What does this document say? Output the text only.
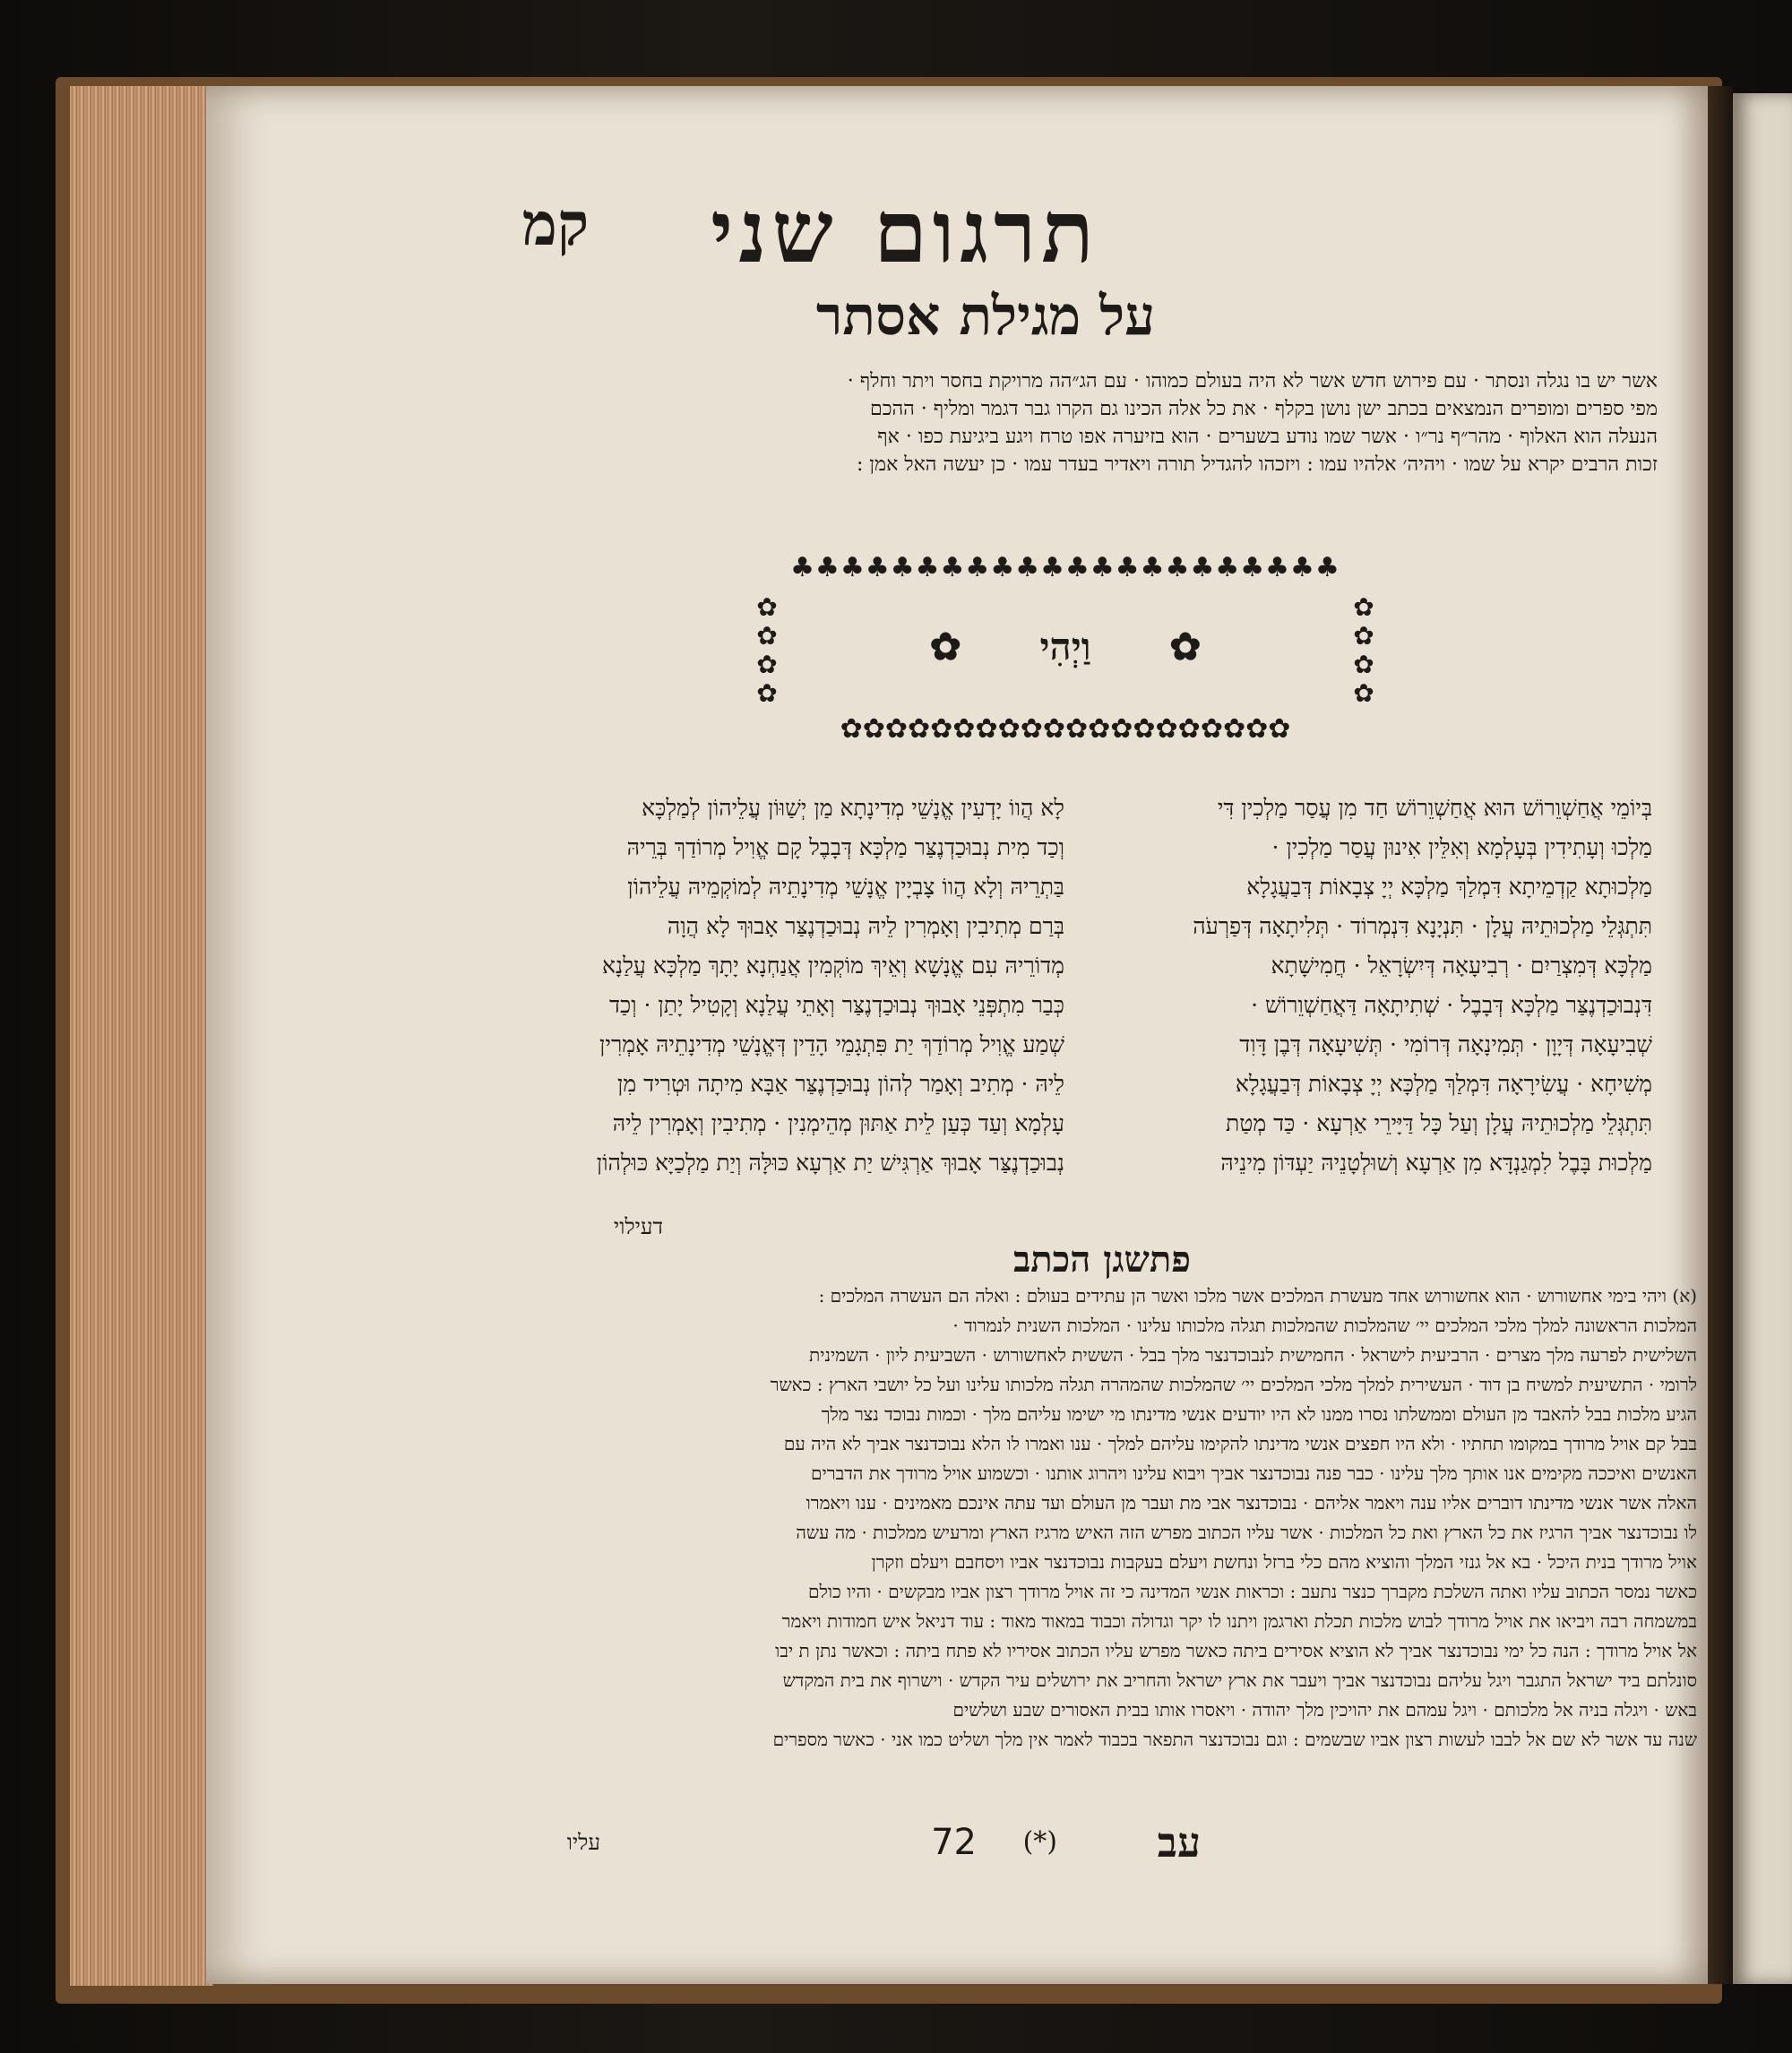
תרגום שני
קמ
על מגילת אסתר

אשר יש בו נגלה ונסתר · עם פירוש חדש אשר לא היה בעולם כמוהו · עם הג״הה מרויקת בחסר ויתר וחלף ·

מפי ספרים ומופרים הנמצאים בכתב ישן נושן בקלף · את כל אלה הכינו גם הקרו גבר דגמר ומליף · ההכם

הנעלה הוא האלוף · מהר״ף נר״ו · אשר שמו נודע בשערים · הוא בזיערה אפו טרח ויגע ביגיעת כפו · אף

זכות הרבים יקרא על שמו · ויהיה׳ אלהיו עמו : ויזכהו להגדיל תורה ויאדיר בעדר עמו · כן יעשה האל אמן :

♣♣♣♣♣♣♣♣♣♣♣♣♣♣♣♣♣♣♣♣♣♣
✿
✿
✿
✿
✿
✿
✿
✿
✿      וַיְהִי      ✿
✿✿✿✿✿✿✿✿✿✿✿✿✿✿✿✿✿✿✿✿

בְּיוֹמֵי אֲחַשְׁוֵרוֹשׁ הוּא אֲחַשְׁוֵרוֹשׁ חַד מִן עֲסַר מַלְכִין דִּי

מַלְכוּ וְעָתִידִין בְּעָלְמָא וְאִלֵּין אִינוּן עֲסַר מַלְכִין ·

מַלְכוּתָא קַדְמֵיתָא דִּמְלַךְ מַלְכָּא יְיָ צְבָאוֹת דְּבַעֲגָלָא

תִּתְגְּלֵי מַלְכוּתֵיהּ עֲלָן · תִּנְיָנָא דִּנְמְרוֹד · תְּלִיתָאָה דְּפַרְעֹה

מַלְכָּא דְּמִצְרַיִם · רְבִיעָאָה דְּיִשְׂרָאֵל · חֲמִישָׁתָא

דִּנְבוּכַדְנֶצַּר מַלְכָּא דְּבָבֶל · שְׁתִיתָאָה דַּאֲחַשְׁוֵרוֹשׁ ·

שְׁבִיעָאָה דְּיָוָן · תְּמִינָאָה דְּרוֹמִי · תְּשִׁיעָאָה דְּבֶן דָּוִד

מְשִׁיחָא · עֲשִׂירָאָה דִּמְלַךְ מַלְכָּא יְיָ צְבָאוֹת דְּבַעֲגָלָא

תִּתְגְּלֵי מַלְכוּתֵיהּ עֲלָן וְעַל כָּל דַּיָּירֵי אַרְעָא · כַּד מְטַת

מַלְכוּת בָּבֶל לִמְגַנְדָּא מִן אַרְעָא וְשׁוּלְטָנֵיהּ יַעְדּוֹן מִינֵיהּ

לָא הֲווֹ יָדְעִין אֱנָשֵׁי מְדִינָתָא מַן יְשַׁוּוֹן עֲלֵיהוֹן לְמַלְכָּא

וְכַד מִית נְבוּכַדְנֶצַּר מַלְכָּא דְּבָבֶל קָם אֱוִיל מְרוֹדַךְ בְּרֵיהּ

בַּתְרֵיהּ וְלָא הֲווֹ צָבְיָין אֱנָשֵׁי מְדִינָתֵיהּ לְמוֹקְמֵיהּ עֲלֵיהוֹן

בְּרַם מְתִיבִין וְאָמְרִין לֵיהּ נְבוּכַדְנֶצַּר אָבוּךְ לָא הֲוָה

מְדוֹרֵיהּ עִם אֱנָשָׁא וְאֵיךְ מוֹקְמִין אֲנַחְנָא יָתָךְ מַלְכָּא עֲלַנָא

כְּבַר מִתְפְּנֵי אָבוּךְ נְבוּכַדְנֶצַּר וְאָתֵי עֲלַנָא וְקָטִיל יָתַן · וְכַד

שְׁמַע אֱוִיל מְרוֹדַךְ יַת פִּתְגָמֵי הָדֵין דְּאֱנָשֵׁי מְדִינָתֵיהּ אָמְרִין

לֵיהּ · מְתִיב וְאָמַר לְהוֹן נְבוּכַדְנֶצַּר אַבָּא מִיתָה וּטְרִיד מִן

עָלְמָא וְעַד כְּעַן לֵית אַתּוּן מְהֵימְנִין · מְתִיבִין וְאָמְרִין לֵיהּ

נְבוּכַדְנֶצַּר אָבוּךְ אַרְגִּישׁ יַת אַרְעָא כּוּלָּהּ וְיַת מַלְכַיָּא כּוּלְהוֹן

דעילוי
פתשגן הכתב

(א) ויהי בימי אחשורוש · הוא אחשורוש אחד מעשרת המלכים אשר מלכו ואשר הן עתידים בעולם : ואלה הם העשרה המלכים :

המלכות הראשונה למלך מלכי המלכים יי׳ שהמלכות שהמלכות תגלה מלכותו עלינו · המלכות השנית לנמרוד ·

השלישית לפרעה מלך מצרים · הרביעית לישראל · החמישית לנבוכדנצר מלך בבל · הששית לאחשורוש · השביעית ליון · השמינית

לרומי · התשיעית למשיח בן דוד · העשירית למלך מלכי המלכים יי׳ שהמלכות שהמהרה תגלה מלכותו עלינו ועל כל יושבי הארץ : כאשר

הגיע מלכות בבל להאבד מן העולם וממשלתו נסרו ממנו לא היו יודעים אנשי מדינתו מי ישימו עליהם מלך · וכמות נבוכד נצר מלך

בבל קם אויל מרודך במקומו תחתיו · ולא היו חפצים אנשי מדינתו להקימו עליהם למלך · ענו ואמרו לו הלא נבוכדנצר אביך לא היה עם

האנשים ואיככה מקימים אנו אותך מלך עלינו · כבר פנה נבוכדנצר אביך ויבוא עלינו ויהרוג אותנו · וכשמוע אויל מרודך את הדברים

האלה אשר אנשי מדינתו דוברים אליו ענה ויאמר אליהם · נבוכדנצר אבי מת ועבר מן העולם ועד עתה אינכם מאמינים · ענו ויאמרו

לו נבוכדנצר אביך הרגיז את כל הארץ ואת כל המלכות · אשר עליו הכתוב מפרש הזה האיש מרגיז הארץ ומרעיש ממלכות · מה עשה

אויל מרודך בנית היכל · בא אל גנזי המלך והוציא מהם כלי ברזל ונחשת ויעלם בעקבות נבוכדנצר אביו ויסחבם ויעלם וזקרן

כאשר נמסר הכתוב עליו ואתה השלכת מקברך כנצר נתעב : וכראות אנשי המדינה כי זה אויל מרודך רצון אביו מבקשים · והיו כולם

במשמחה רבה ויביאו את אויל מרודך לבוש מלכות תכלת וארגמן ויתנו לו יקר וגדולה וכבוד במאוד מאוד : עוד דניאל איש חמודות ויאמר

אל אויל מרודך : הנה כל ימי נבוכדנצר אביך לא הוציא אסירים ביתה כאשר מפרש עליו הכתוב אסיריו לא פתח ביתה : וכאשר נתן ת יבו

סונלתם ביד ישראל התגבר ויגל עליהם נבוכדנצר אביך ויעבר את ארץ ישראל והחריב את ירושלים עיר הקדש · וישרוף את בית המקדש

באש · ויגלה בניה אל מלכותם · ויגל עמהם את יהויכין מלך יהודה · ויאסרו אותו בבית האסורים שבע ושלשים

שנה עד אשר לא שם אל לבבו לעשות רצון אביו שבשמים : וגם נבוכדנצר התפאר בכבוד לאמר אין מלך ושליט כמו אני · כאשר מספרים

עב
(*)
72
עליו
